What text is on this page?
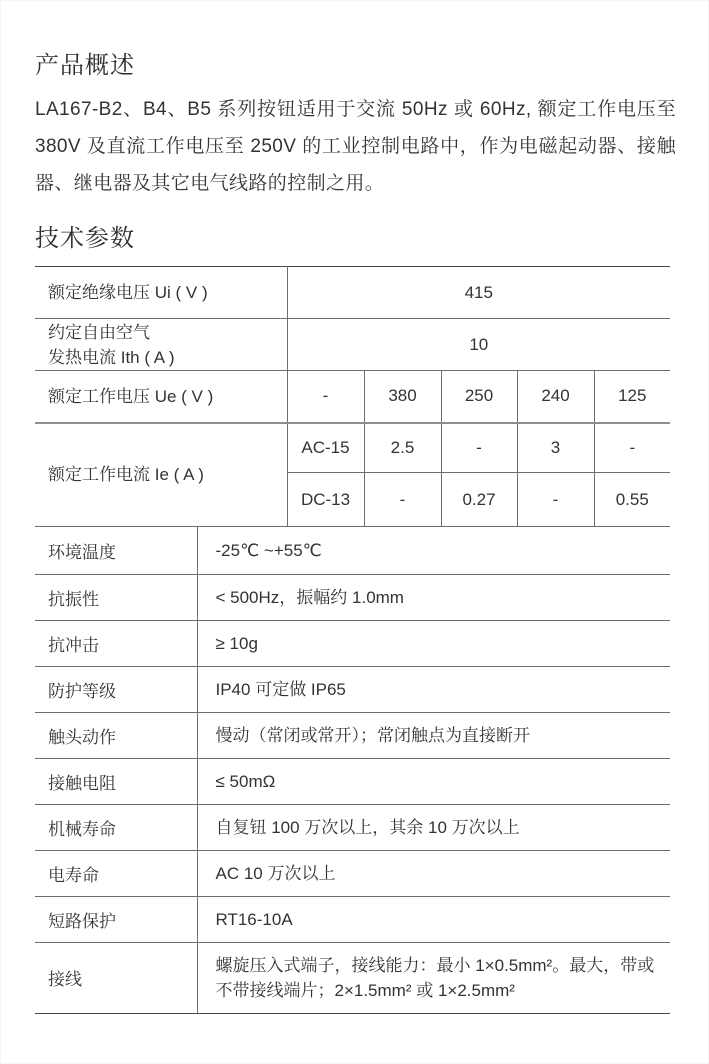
产品概述

LA167-B2、B4、B5 系列按钮适用于交流 50Hz 或 60Hz, 额定工作电压至 380V 及直流工作电压至 250V 的工业控制电路中，作为电磁起动器、接触器、继电器及其它电气线路的控制之用。

技术参数
额定绝缘电压 Ui ( V )	415				

约定自由空气
发热电流 Ith ( A )	10				
额定工作电压 Ue ( V )	-	380	250	240	125
额定工作电流 Ie ( A )	AC-15	2.5	-	3	-
	DC-13	-	0.27	-	0.55
环境温度	-25℃ ~+55℃
抗振性	< 500Hz，振幅约 1.0mm
抗冲击	≥ 10g
防护等级	IP40 可定做 IP65
触头动作	慢动（常闭或常开）；常闭触点为直接断开
接触电阻	≤ 50mΩ
机械寿命	自复钮 100 万次以上，其余 10 万次以上
电寿命	AC 10 万次以上
短路保护	RT16-10A
接线	螺旋压入式端子，接线能力：最小 1×0.5mm²。最大，带或不带接线端片；2×1.5mm² 或 1×2.5mm²
